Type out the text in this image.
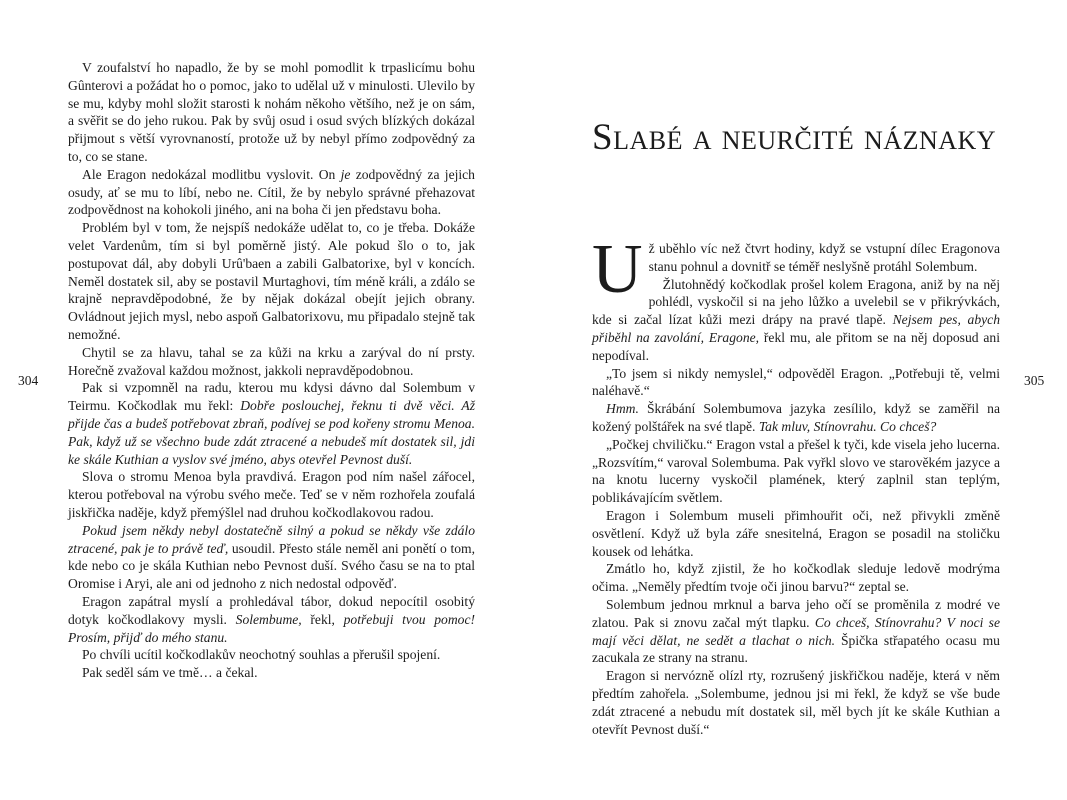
304	305

V zoufalství ho napadlo, že by se mohl pomodlit k trpaslicímu bohu Gûnterovi a požádat ho o pomoc, jako to udělal už v minulosti. Ulevilo by se mu, kdyby mohl složit starosti k nohám někoho většího, než je on sám, a svěřit se do jeho rukou. Pak by svůj osud i osud svých blízkých dokázal přijmout s větší vyrovnaností, protože už by nebyl přímo zodpovědný za to, co se stane.

Ale Eragon nedokázal modlitbu vyslovit. On je zodpovědný za jejich osudy, ať se mu to líbí, nebo ne. Cítil, že by nebylo správné přehazovat zodpovědnost na kohokoli jiného, ani na boha či jen představu boha.

Problém byl v tom, že nejspíš nedokáže udělat to, co je třeba. Dokáže velet Vardenům, tím si byl poměrně jistý. Ale pokud šlo o to, jak postupovat dál, aby dobyli Urû'baen a zabili Galbatorixe, byl v koncích. Neměl dostatek sil, aby se postavil Murtaghovi, tím méně králi, a zdálo se krajně nepravděpodobné, že by nějak dokázal obejít jejich obrany. Ovládnout jejich mysl, nebo aspoň Galbatorixovu, mu připadalo stejně tak nemožné.

Chytil se za hlavu, tahal se za kůži na krku a zarýval do ní prsty. Horečně zvažoval každou možnost, jakkoli nepravděpodobnou.

Pak si vzpomněl na radu, kterou mu kdysi dávno dal Solembum v Teirmu. Kočkodlak mu řekl: Dobře poslouchej, řeknu ti dvě věci. Až přijde čas a budeš potřebovat zbraň, podívej se pod kořeny stromu Menoa. Pak, když už se všechno bude zdát ztracené a nebudeš mít dostatek sil, jdi ke skále Kuthian a vyslov své jméno, abys otevřel Pevnost duší.

Slova o stromu Menoa byla pravdivá. Eragon pod ním našel zářocel, kterou potřeboval na výrobu svého meče. Teď se v něm rozhořela zoufalá jiskřička naděje, když přemýšlel nad druhou kočkodlakovou radou.

Pokud jsem někdy nebyl dostatečně silný a pokud se někdy vše zdálo ztracené, pak je to právě teď, usoudil. Přesto stále neměl ani ponětí o tom, kde nebo co je skála Kuthian nebo Pevnost duší. Svého času se na to ptal Oromise i Aryi, ale ani od jednoho z nich nedostal odpověď.

Eragon zapátral myslí a prohledával tábor, dokud nepocítil osobitý dotyk kočkodlakovy mysli. Solembume, řekl, potřebuji tvou pomoc! Prosím, přijď do mého stanu.

Po chvíli ucítil kočkodlakův neochotný souhlas a přerušil spojení.

Pak seděl sám ve tmě… a čekal.

Slabé a neurčité náznaky

Už uběhlo víc než čtvrt hodiny, když se vstupní dílec Eragonova stanu pohnul a dovnitř se téměř neslyšně protáhl Solembum.

Žlutohnědý kočkodlak prošel kolem Eragona, aniž by na něj pohlédl, vyskočil si na jeho lůžko a uvelebil se v přikrývkách, kde si začal lízat kůži mezi drápy na pravé tlapě. Nejsem pes, abych přiběhl na zavolání, Eragone, řekl mu, ale přitom se na něj doposud ani nepodíval.

„To jsem si nikdy nemyslel,“ odpověděl Eragon. „Potřebuji tě, velmi naléhavě.“

Hmm. Škrábání Solembumova jazyka zesílilo, když se zaměřil na kožený polštářek na své tlapě. Tak mluv, Stínovrahu. Co chceš?

„Počkej chviličku.“ Eragon vstal a přešel k tyči, kde visela jeho lucerna. „Rozsvítím,“ varoval Solembuma. Pak vyřkl slovo ve starověkém jazyce a na knotu lucerny vyskočil plamének, který zaplnil stan teplým, poblikávajícím světlem.

Eragon i Solembum museli přimhouřit oči, než přivykli změně osvětlení. Když už byla záře snesitelná, Eragon se posadil na stoličku kousek od lehátka.

Zmátlo ho, když zjistil, že ho kočkodlak sleduje ledově modrýma očima. „Neměly předtím tvoje oči jinou barvu?“ zeptal se.

Solembum jednou mrknul a barva jeho očí se proměnila z modré ve zlatou. Pak si znovu začal mýt tlapku. Co chceš, Stínovrahu? V noci se mají věci dělat, ne sedět a tlachat o nich. Špička střapatého ocasu mu zacukala ze strany na stranu.

Eragon si nervózně olízl rty, rozrušený jiskřičkou naděje, která v něm předtím zahořela. „Solembume, jednou jsi mi řekl, že když se vše bude zdát ztracené a nebudu mít dostatek sil, měl bych jít ke skále Kuthian a otevřít Pevnost duší.“
